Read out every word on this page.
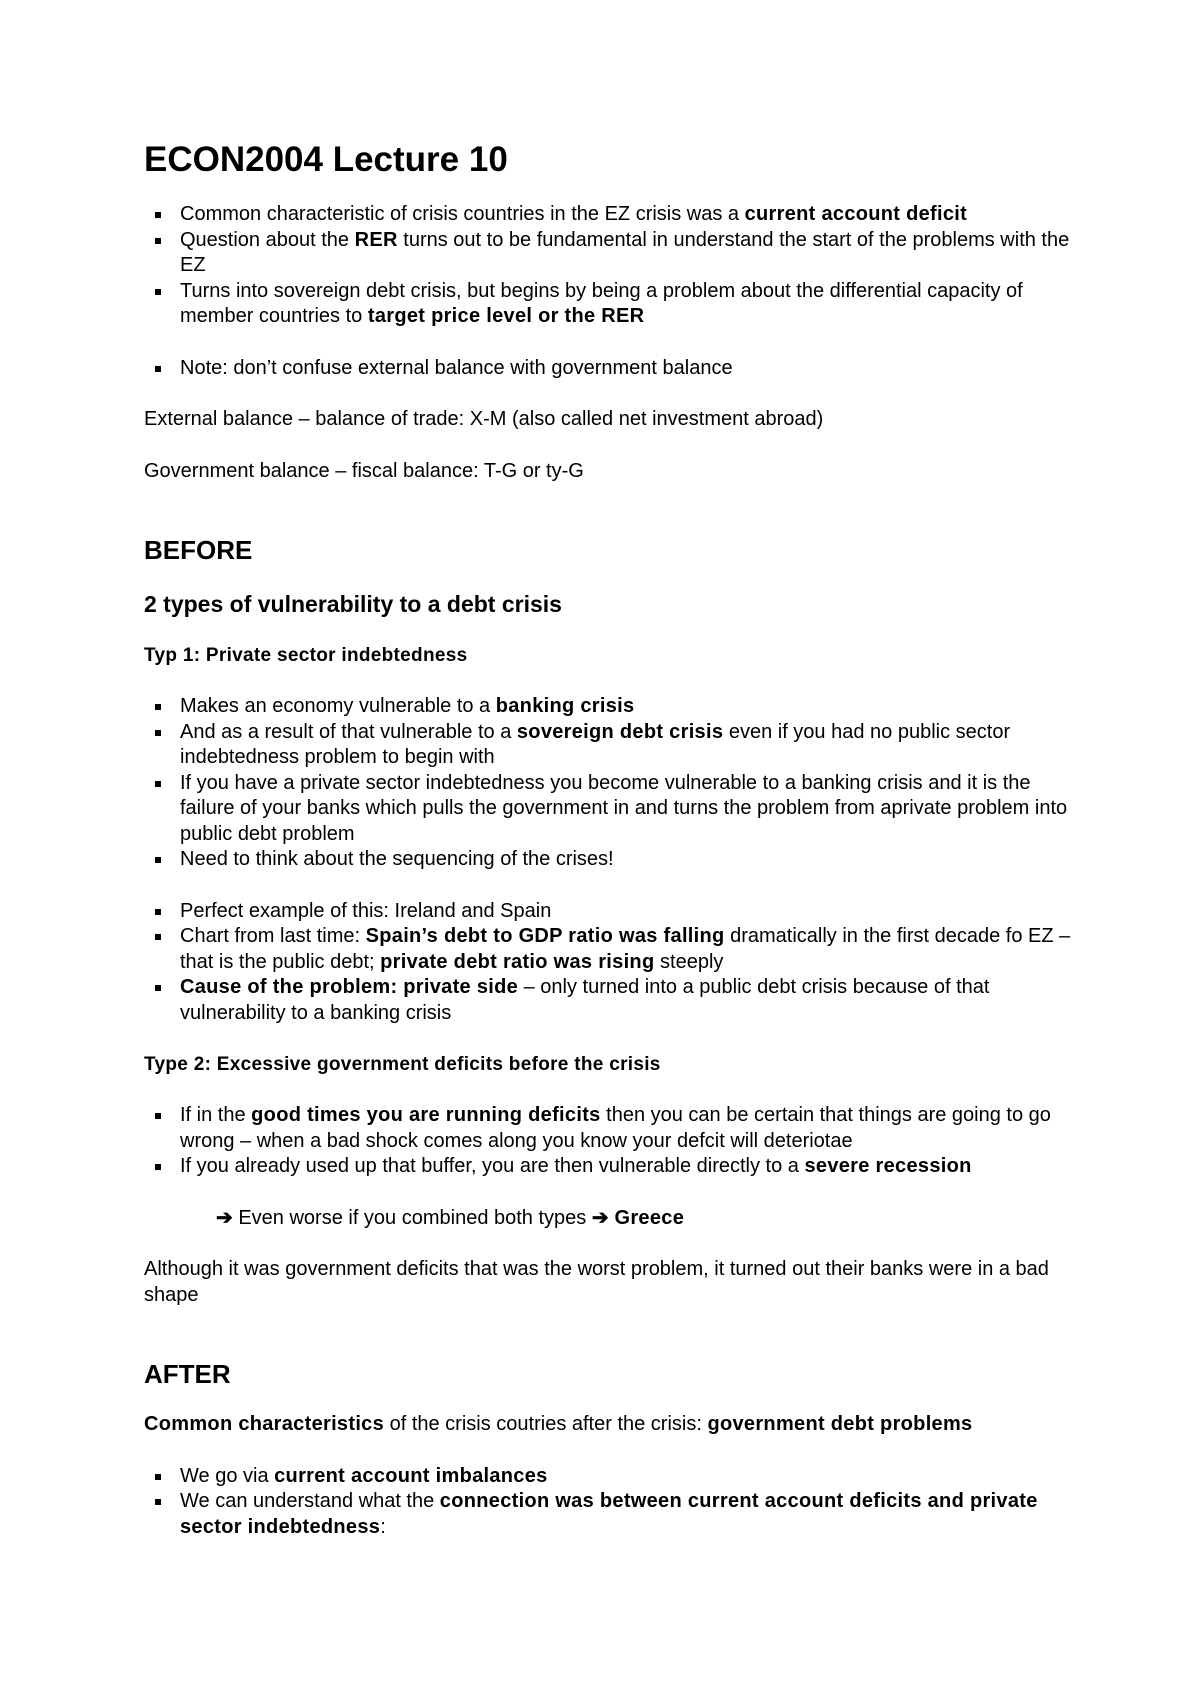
ECON2004 Lecture 10
Common characteristic of crisis countries in the EZ crisis was a current account deficit
Question about the RER turns out to be fundamental in understand the start of the problems with the EZ
Turns into sovereign debt crisis, but begins by being a problem about the differential capacity of member countries to target price level or the RER
Note: don’t confuse external balance with government balance

External balance – balance of trade: X-M (also called net investment abroad)

Government balance – fiscal balance: T-G or ty-G

BEFORE
2 types of vulnerability to a debt crisis
Typ 1: Private sector indebtedness
Makes an economy vulnerable to a banking crisis
And as a result of that vulnerable to a sovereign debt crisis even if you had no public sector indebtedness problem to begin with
If you have a private sector indebtedness you become vulnerable to a banking crisis and it is the failure of your banks which pulls the government in and turns the problem from aprivate problem into public debt problem
Need to think about the sequencing of the crises!
Perfect example of this: Ireland and Spain
Chart from last time: Spain’s debt to GDP ratio was falling dramatically in the first decade fo EZ – that is the public debt; private debt ratio was rising steeply
Cause of the problem: private side – only turned into a public debt crisis because of that vulnerability to a banking crisis
Type 2: Excessive government deficits before the crisis
If in the good times you are running deficits then you can be certain that things are going to go wrong – when a bad shock comes along you know your defcit will deteriotae
If you already used up that buffer, you are then vulnerable directly to a severe recession

➔ Even worse if you combined both types ➔ Greece

Although it was government deficits that was the worst problem, it turned out their banks were in a bad shape

AFTER

Common characteristics of the crisis coutries after the crisis: government debt problems

We go via current account imbalances
We can understand what the connection was between current account deficits and private sector indebtedness:
